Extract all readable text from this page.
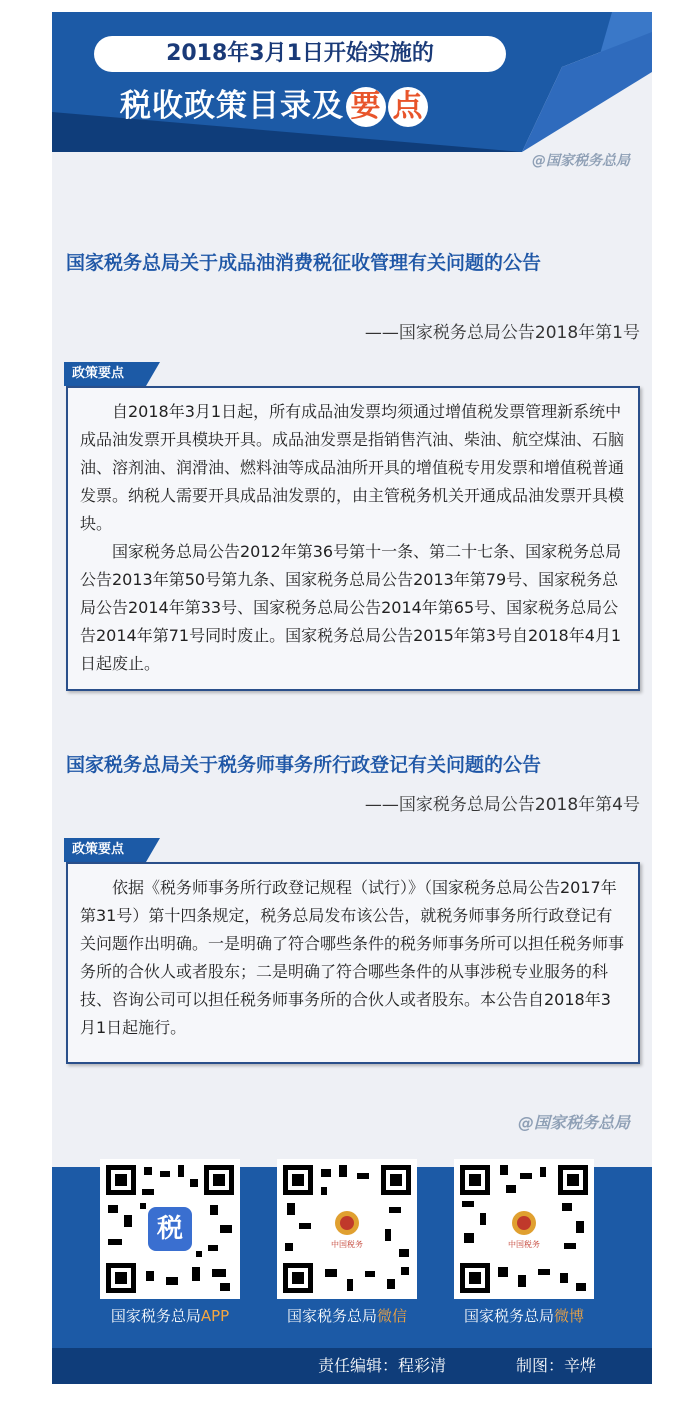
2018年3月1日开始实施的
税收政策目录及 要 点
@国家税务总局
国家税务总局关于成品油消费税征收管理有关问题的公告
——国家税务总局公告2018年第1号
政策要点

自2018年3月1日起，所有成品油发票均须通过增值税发票管理新系统中成品油发票开具模块开具。成品油发票是指销售汽油、柴油、航空煤油、石脑油、溶剂油、润滑油、燃料油等成品油所开具的增值税专用发票和增值税普通发票。纳税人需要开具成品油发票的，由主管税务机关开通成品油发票开具模块。

国家税务总局公告2012年第36号第十一条、第二十七条、国家税务总局公告2013年第50号第九条、国家税务总局公告2013年第79号、国家税务总局公告2014年第33号、国家税务总局公告2014年第65号、国家税务总局公告2014年第71号同时废止。国家税务总局公告2015年第3号自2018年4月1日起废止。

国家税务总局关于税务师事务所行政登记有关问题的公告
——国家税务总局公告2018年第4号
政策要点

依据《税务师事务所行政登记规程（试行）》（国家税务总局公告2017年第31号）第十四条规定，税务总局发布该公告，就税务师事务所行政登记有关问题作出明确。一是明确了符合哪些条件的税务师事务所可以担任税务师事务所的合伙人或者股东；二是明确了符合哪些条件的从事涉税专业服务的科技、咨询公司可以担任税务师事务所的合伙人或者股东。本公告自2018年3月1日起施行。

@国家税务总局
税
中国税务	中国税务
国家税务总局APP	国家税务总局微信	国家税务总局微博
责任编辑：程彩清	制图：辛烨
